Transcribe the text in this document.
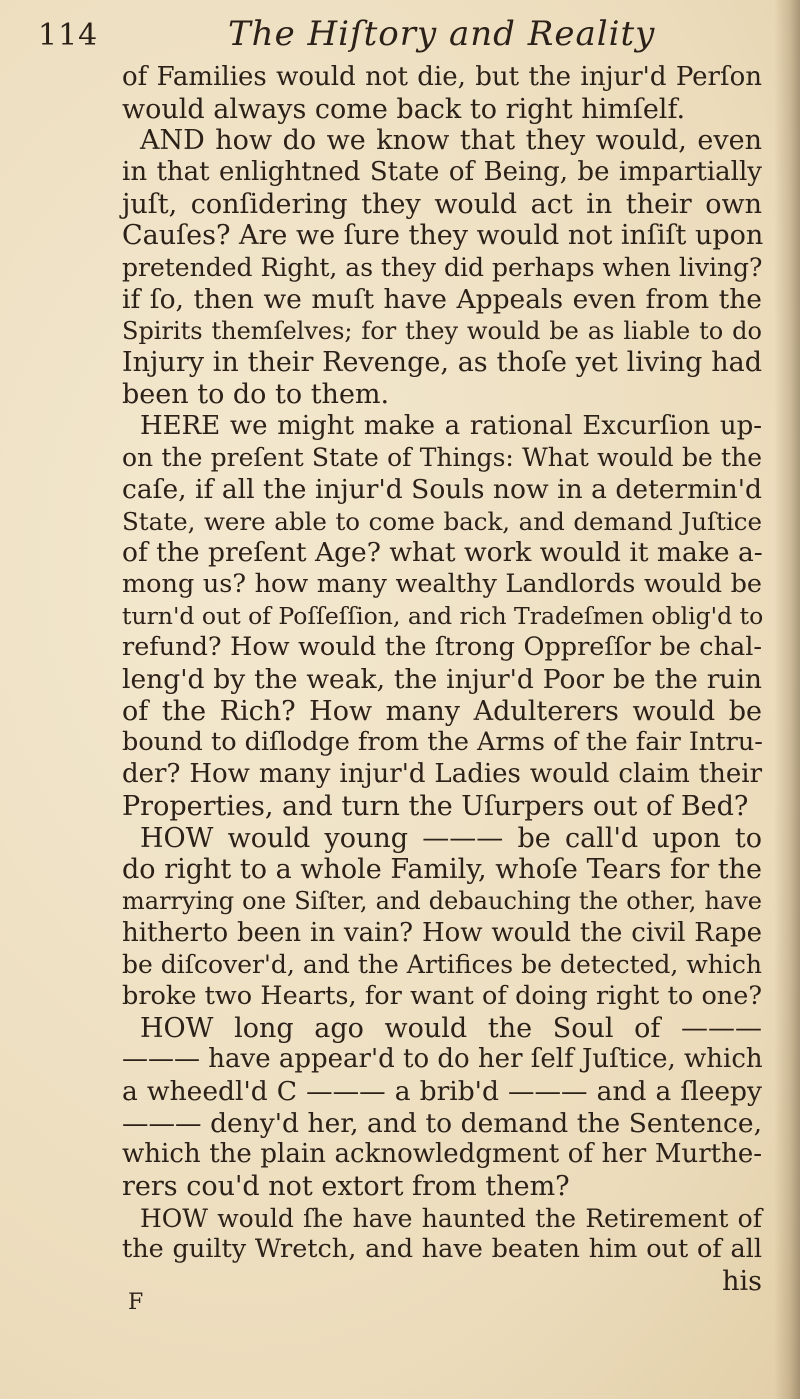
114	The Hiſtory and Reality
of Families would not die, but the injur'd Perſon
would always come back to right himſelf.
AND how do we know that they would, even
in that enlightned State of Being, be impartially
juſt, conſidering they would act in their own
Cauſes? Are we ſure they would not inſiſt upon
pretended Right, as they did perhaps when living?
if ſo, then we muſt have Appeals even from the
Spirits themſelves; for they would be as liable to do
Injury in their Revenge, as thoſe yet living had
been to do to them.
HERE we might make a rational Excurſion up-
on the preſent State of Things: What would be the
caſe, if all the injur'd Souls now in a determin'd
State, were able to come back, and demand Juſtice
of the preſent Age? what work would it make a-
mong us? how many wealthy Landlords would be
turn'd out of Poſſeſſion, and rich Tradeſmen oblig'd to
refund? How would the ſtrong Oppreſſor be chal-
leng'd by the weak, the injur'd Poor be the ruin
of the Rich? How many Adulterers would be
bound to diſlodge from the Arms of the fair Intru-
der? How many injur'd Ladies would claim their
Properties, and turn the Uſurpers out of Bed?
HOW would young ——— be call'd upon to
do right to a whole Family, whoſe Tears for the
marrying one Siſter, and debauching the other, have
hitherto been in vain? How would the civil Rape
be diſcover'd, and the Artifices be detected, which
broke two Hearts, for want of doing right to one?
HOW long ago would the Soul of ———
——— have appear'd to do her ſelf Juſtice, which
a wheedl'd C ——— a brib'd ——— and a ſleepy
——— deny'd her, and to demand the Sentence,
which the plain acknowledgment of her Murthe-
rers cou'd not extort from them?
HOW would ſhe have haunted the Retirement of
the guilty Wretch, and have beaten him out of all
his
F
